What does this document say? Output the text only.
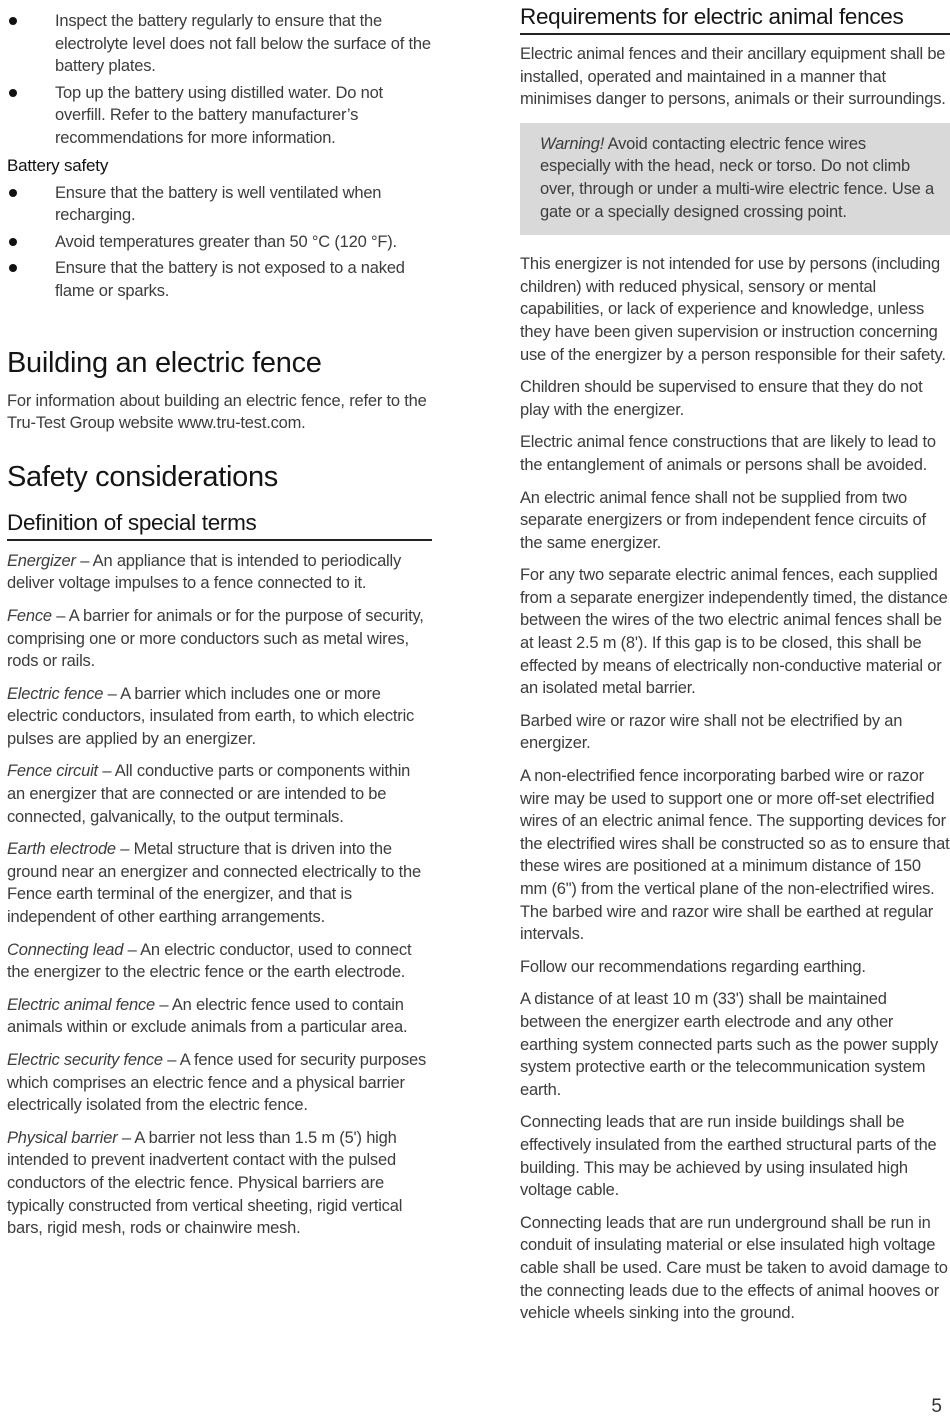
Inspect the battery regularly to ensure that the electrolyte level does not fall below the surface of the battery plates.
Top up the battery using distilled water. Do not overfill. Refer to the battery manufacturer’s recommendations for more information.
Battery safety
Ensure that the battery is well ventilated when recharging.
Avoid temperatures greater than 50 °C (120 °F).
Ensure that the battery is not exposed to a naked flame or sparks.
Building an electric fence

For information about building an electric fence, refer to the Tru-Test Group website www.tru-test.com.

Safety considerations
Definition of special terms

Energizer – An appliance that is intended to periodically deliver voltage impulses to a fence connected to it.

Fence – A barrier for animals or for the purpose of security, comprising one or more conductors such as metal wires, rods or rails.

Electric fence – A barrier which includes one or more electric conductors, insulated from earth, to which electric pulses are applied by an energizer.

Fence circuit – All conductive parts or components within an energizer that are connected or are intended to be connected, galvanically, to the output terminals.

Earth electrode – Metal structure that is driven into the ground near an energizer and connected electrically to the Fence earth terminal of the energizer, and that is independent of other earthing arrangements.

Connecting lead – An electric conductor, used to connect the energizer to the electric fence or the earth electrode.

Electric animal fence – An electric fence used to contain animals within or exclude animals from a particular area.

Electric security fence – A fence used for security purposes which comprises an electric fence and a physical barrier electrically isolated from the electric fence.

Physical barrier – A barrier not less than 1.5 m (5') high intended to prevent inadvertent contact with the pulsed conductors of the electric fence. Physical barriers are typically constructed from vertical sheeting, rigid vertical bars, rigid mesh, rods or chainwire mesh.

Requirements for electric animal fences

Electric animal fences and their ancillary equipment shall be installed, operated and maintained in a manner that minimises danger to persons, animals or their surroundings.

Warning! Avoid contacting electric fence wires especially with the head, neck or torso. Do not climb over, through or under a multi-wire electric fence. Use a gate or a specially designed crossing point.

This energizer is not intended for use by persons (including children) with reduced physical, sensory or mental capabilities, or lack of experience and knowledge, unless they have been given supervision or instruction concerning use of the energizer by a person responsible for their safety.

Children should be supervised to ensure that they do not play with the energizer.

Electric animal fence constructions that are likely to lead to the entanglement of animals or persons shall be avoided.

An electric animal fence shall not be supplied from two separate energizers or from independent fence circuits of the same energizer.

For any two separate electric animal fences, each supplied from a separate energizer independently timed, the distance between the wires of the two electric animal fences shall be at least 2.5 m (8'). If this gap is to be closed, this shall be effected by means of electrically non-conductive material or an isolated metal barrier.

Barbed wire or razor wire shall not be electrified by an energizer.

A non-electrified fence incorporating barbed wire or razor wire may be used to support one or more off-set electrified wires of an electric animal fence. The supporting devices for the electrified wires shall be constructed so as to ensure that these wires are positioned at a minimum distance of 150 mm (6") from the vertical plane of the non-electrified wires. The barbed wire and razor wire shall be earthed at regular intervals.

Follow our recommendations regarding earthing.

A distance of at least 10 m (33') shall be maintained between the energizer earth electrode and any other earthing system connected parts such as the power supply system protective earth or the telecommunication system earth.

Connecting leads that are run inside buildings shall be effectively insulated from the earthed structural parts of the building. This may be achieved by using insulated high voltage cable.

Connecting leads that are run underground shall be run in conduit of insulating material or else insulated high voltage cable shall be used. Care must be taken to avoid damage to the connecting leads due to the effects of animal hooves or vehicle wheels sinking into the ground.

5
